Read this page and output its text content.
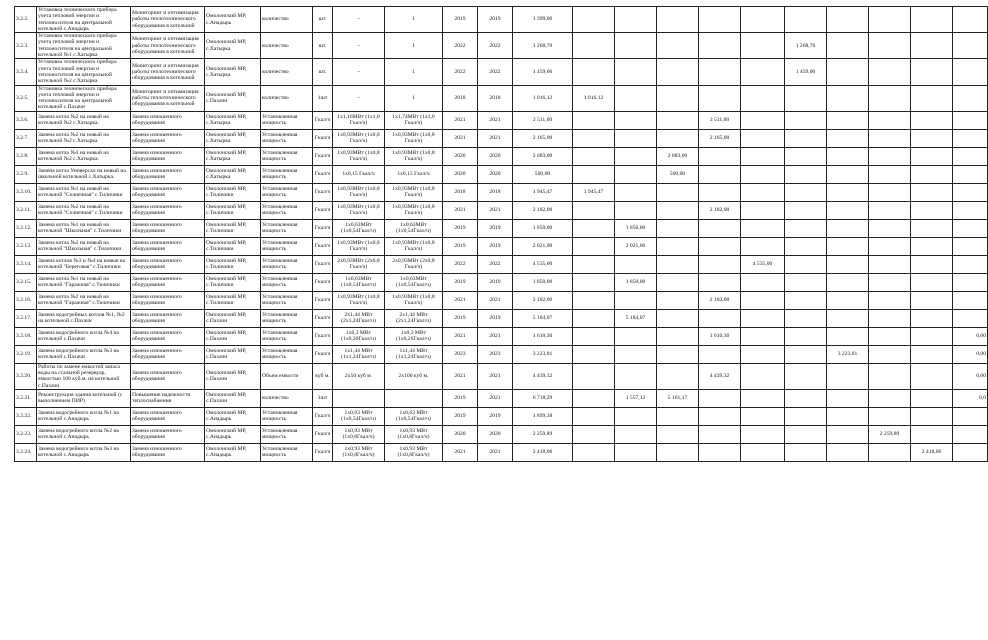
3.2.2.	Установка технического прибора учета тепловой энергии и теплоносителя на центральной котельной с.Анадырь	Мониторинг и оптимизация работы теплотехнического оборудования в котельной	Омолонский МР, с.Анадырь	количество	шт.	–	1	2019	2019	1 399,06										
3.2.3.	Установка технического прибора учета тепловой энергии и теплоносителя на центральной котельной №1 с.Хатырка	Мониторинг и оптимизация работы теплотехнического оборудования в котельной	Омолонский МР, с.Хатырка	количество	шт.	–	1	2022	2022	1 268,70						1 268,70				
3.2.4.	Установка технического прибора учета тепловой энергии и теплоносителя на центральной котельной №2 с.Хатырка	Мониторинг и оптимизация работы теплотехнического оборудования в котельной	Омолонский МР, с.Хатырка	количество	шт.	–	1	2022	2022	1 459,06						1 459,06				
3.2.5.	Установка технического прибора учета тепловой энергии и теплоносителя на центральной котельной с.Пахачи	Мониторинг и оптимизация работы теплотехнического оборудования в котельной	Омолонский МР, с.Пахачи	количество	1шт	–	1	2018	2018	1 016,12	1 016,12									
3.2.6.	Замена котла №2 на новый на котельной №2 с.Хатырка.	Замена изношенного оборудования	Омолонский МР, с.Хатырка	Установленная мощность	Гкал/ч	1х1,16МВт (1х1,0 Гкал/ч)	1х1,74МВт (1х1,0 Гкал/ч)	2021	2021	2 511,00				2 511,00						
3.2.7.	Замена котла №2 на новый на котельной №2 с.Хатырка	Замена изношенного оборудования	Омолонский МР, с.Хатырка	Установленная мощность	Гкал/ч	1х0,93МВт (1х0,8 Гкал/ч)	1х0,93МВт (1х0,8 Гкал/ч)	2021	2021	2 165,00				2 165,00						
3.2.8.	Замена котла №3 на новый на котельной №2 с.Хатырка.	Замена изношенного оборудования	Омолонский МР, с.Хатырка	Установленная мощность	Гкал/ч	1х0,93МВт (1х0,8 Гкал/ч)	1х0,93МВт (1х0,8 Гкал/ч)	2020	2020	2 083,00			2 083,00							
3.2.9.	Замена котла Универсал на новый на школьной котельной с.Хатырка.	Замена изношенного оборудования	Омолонский МР, с.Хатырка	Установленная мощность	Гкал/ч	1х0,15 Гкал/ч	1х0,15 Гкал/ч	2020	2020	500,00			500,00							
3.2.10.	Замена котла №1 на новый на котельной "Солнечная" с.Тиличики	Замена изношенного оборудования	Омолонский МР, с.Тиличики	Установленная мощность	Гкал/ч	1х0,93МВт (1х0,8 Гкал/ч)	1х0,93МВт (1х0,8 Гкал/ч)	2018	2018	1 945,47	1 945,47									
3.2.11.	Замена котла №2 на новый на котельной "Солнечная" с.Тиличики	Замена изношенного оборудования	Омолонский МР, с.Тиличики	Установленная мощность	Гкал/ч	1х0,93МВт (1х0,8 Гкал/ч)	1х0,93МВт (1х0,8 Гкал/ч)	2021	2021	2 182,00				2 182,00						
3.2.12.	Замена котла №1 на новый на котельной "Школьная" с.Тиличики	Замена изношенного оборудования	Омолонский МР, с.Тиличики	Установленная мощность	Гкал/ч	1х0,63МВт (1х0,54Гкал/ч)	1х0,63МВт (1х0,54Гкал/ч)	2019	2019	1 850,00		1 850,00								
3.2.13.	Замена котла №2 на новый на котельной "Школьная" с.Тиличики	Замена изношенного оборудования	Омолонский МР, с.Тиличики	Установленная мощность	Гкал/ч	1х0,93МВт (1х0,8 Гкал/ч)	1х0,93МВт (1х0,8 Гкал/ч)	2019	2019	2 021,00		2 021,00								
3.2.14.	Замена котлов №3 и №4 на новые на котельной "Береговая" с.Тиличики	Замена изношенного оборудования	Омолонский МР, с.Тиличики	Установленная мощность	Гкал/ч	2х0,93МВт (2х0,8 Гкал/ч)	2х0,93МВт (2х0,8 Гкал/ч)	2022	2022	4 535,00					4 535,00					
3.2.15.	Замена котла №1 на новый на котельной "Гаражная" с.Тиличики	Замена изношенного оборудования	Омолонский МР, с.Тиличики	Установленная мощность	Гкал/ч	1х0,63МВт (1х0,54Гкал/ч)	1х0,63МВт (1х0,54Гкал/ч)	2019	2019	1 850,00		1 850,00								
3.2.16.	Замена котла №2 на новый на котельной "Гаражная" с.Тиличики	Замена изношенного оборудования	Омолонский МР, с.Тиличики	Установленная мощность	Гкал/ч	1х0,93МВт (1х0,8 Гкал/ч)	1х0,93МВт (1х0,8 Гкал/ч)	2021	2021	2 182,00				2 182,00						
3.2.17.	Замена водогрейных котлов №1, №2 на котельной с.Пахачи	Замена изношенного оборудования	Омолонский МР, с.Пахачи	Установленная мощность	Гкал/ч	2х1,44 МВт (2х1,24Гкал/ч)	2х1,44 МВт (2х1,24Гкал/ч)	2019	2019	5 184,07		5 184,07								
3.2.18.	Замена водогрейного котла №4 на котельной с.Пахачи	Замена изношенного оборудования	Омолонский МР, с.Пахачи	Установленная мощность	Гкал/ч	1х0,3 МВт (1х0,26Гкал/ч)	1х0,3 МВт (1х0,26Гкал/ч)	2021	2021	1 610,30				1 610,30						0,00
3.2.19.	Замена водогрейного котла №3 на котельной с.Пахачи	Замена изношенного оборудования	Омолонский МР, с.Пахачи	Установленная мощность	Гкал/ч	1х1,44 МВт (1х1,24Гкал/ч)	1х1,44 МВт (1х1,24Гкал/ч)	2023	2023	3 223,81							3 223,81			0,00
3.2.20.	Работы по замене емкостей запаса воды на стальной резервуар, емкостью 100 куб.м. на котельной с.Пахачи	Замена изношенного оборудования	Омолонский МР, с.Пахачи	Объем емкости	куб м.	2х50 куб м.	2х100 куб м.	2021	2021	4 439,32				4 439,32						0,00
3.2.21.	Реконструкция здания котельной (с выполнением ПИР)	Повышение надежности теплоснабжения	Омолонский МР, с.Пахачи	количество	1шт			2019	2021	6 718,29		1 557,12	5 161,17							0,0
3.2.22.	Замена водогрейного котла №1 на котельной с.Анадырь	Замена изношенного оборудования	Омолонский МР, с.Анадырь	Установленная мощность	Гкал/ч	1х0,63 МВт (1х0,54Гкал/ч)	1х0,63 МВт (1х0,54Гкал/ч)	2019	2019	1 899,38										
3.2.23.	Замена водогрейного котла №2 на котельной с.Анадырь	Замена изношенного оборудования	Омолонский МР, с.Анадырь	Установленная мощность	Гкал/ч	1х0,93 МВт (1х0,8Гкал/ч)	1х0,93 МВт (1х0,8Гкал/ч)	2020	2020	2 259,89								2 259,89		
3.2.24.	Замена водогрейного котла №3 на котельной с.Анадырь	Замена изношенного оборудования	Омолонский МР, с.Анадырь	Установленная мощность	Гкал/ч	1х0,93 МВт (1х0,8Гкал/ч)	1х0,93 МВт (1х0,8Гкал/ч)	2021	2021	2 418,06									2 418,06	
